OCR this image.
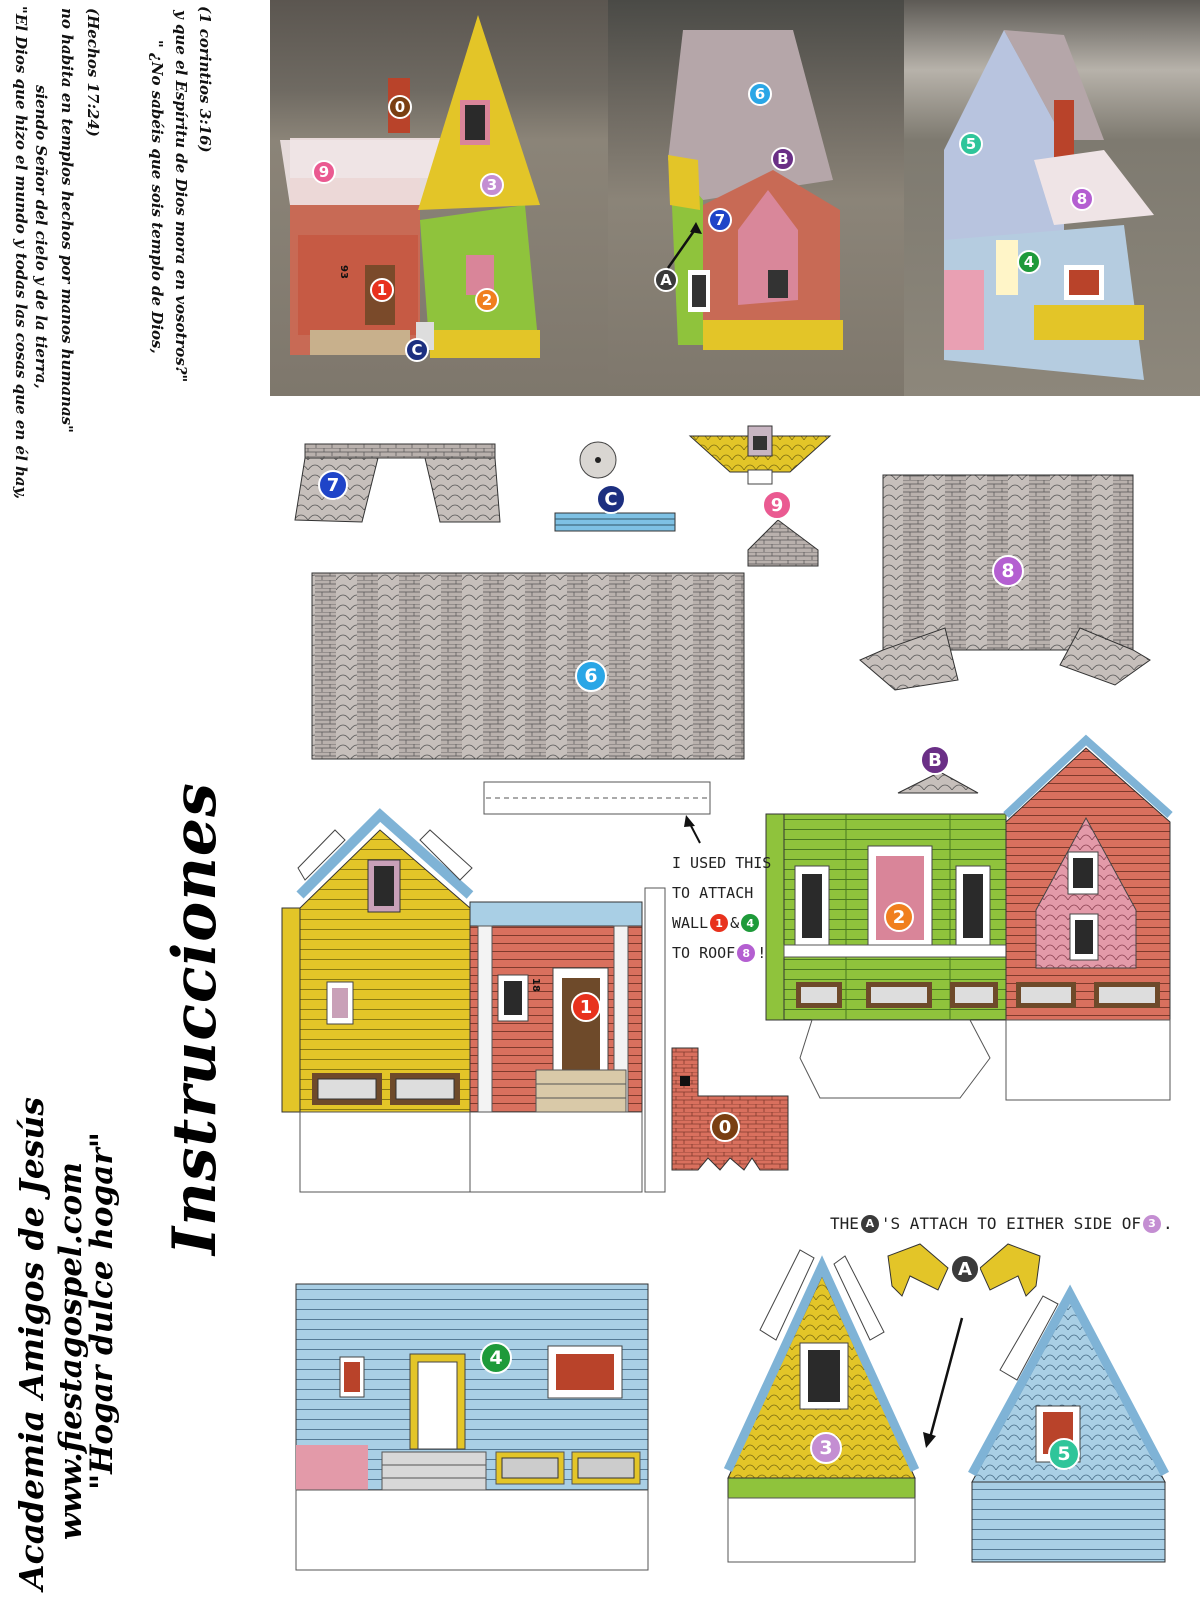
Academia Amigos de Jesús www.fiestagospel.com
"Hogar dulce hogar"
Instrucciones
"El Dios que hizo el mundo y todas las cosas que en él hay, siendo Señor del cielo y de la tierra, no habita en templos hechos por manos humanas" (Hechos 17:24)	" ¿No sabéis que sois templo de Dios, y que el Espíritu de Dios mora en vosotros?" (1 corintios 3:16)	0
9
3
1
2
C
6
B
7
A
5
8
4
7
C	9
8
6
B
1
2
0
4
A
3	5
18
93
I USED THIS
TO ATTACH
WALL 1 & 4
TO ROOF 8 !
THE A 'S ATTACH TO EITHER SIDE OF 3 .
